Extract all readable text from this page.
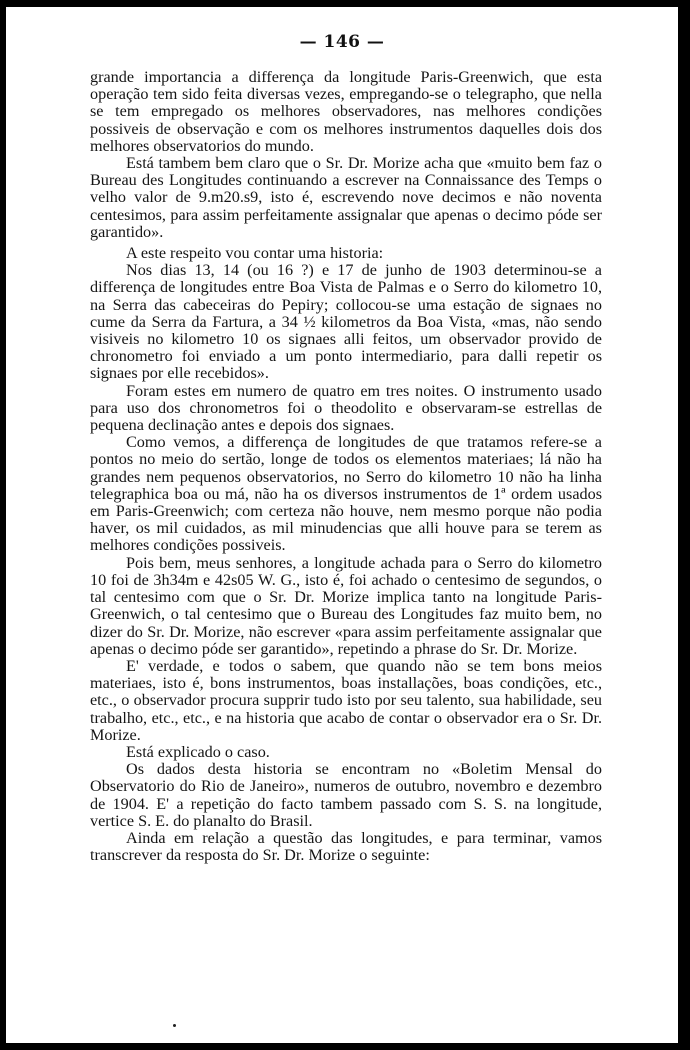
— 146 —

grande importancia a differença da longitude Paris-Greenwich, que esta operação tem sido feita diversas vezes, empregando-se o telegrapho, que nella se tem empregado os melhores observadores, nas melhores condições possiveis de observação e com os melhores instrumentos daquelles dois dos melhores observatorios do mundo.

Está tambem bem claro que o Sr. Dr. Morize acha que «muito bem faz o Bureau des Longitudes continuando a escrever na Connaissance des Temps o velho valor de 9.m20.s9, isto é, escrevendo nove decimos e não noventa centesimos, para assim perfeitamente assignalar que apenas o decimo póde ser garantido».

A este respeito vou contar uma historia:

Nos dias 13, 14 (ou 16 ?) e 17 de junho de 1903 determinou-se a differença de longitudes entre Boa Vista de Palmas e o Serro do kilometro 10, na Serra das cabeceiras do Pepiry; collocou-se uma estação de signaes no cume da Serra da Fartura, a 34 ½ kilometros da Boa Vista, «mas, não sendo visiveis no kilometro 10 os signaes alli feitos, um observador provido de chronometro foi enviado a um ponto intermediario, para dalli repetir os signaes por elle recebidos».

Foram estes em numero de quatro em tres noites. O instrumento usado para uso dos chronometros foi o theodolito e observaram-se estrellas de pequena declinação antes e depois dos signaes.

Como vemos, a differença de longitudes de que tratamos refere-se a pontos no meio do sertão, longe de todos os elementos materiaes; lá não ha grandes nem pequenos observatorios, no Serro do kilometro 10 não ha linha telegraphica boa ou má, não ha os diversos instrumentos de 1ª ordem usados em Paris-Greenwich; com certeza não houve, nem mesmo porque não podia haver, os mil cuidados, as mil minudencias que alli houve para se terem as melhores condições possiveis.

Pois bem, meus senhores, a longitude achada para o Serro do kilometro 10 foi de 3h34m e 42s05 W. G., isto é, foi achado o centesimo de segundos, o tal centesimo com que o Sr. Dr. Morize implica tanto na longitude Paris-Greenwich, o tal centesimo que o Bureau des Longitudes faz muito bem, no dizer do Sr. Dr. Morize, não escrever «para assim perfeitamente assignalar que apenas o decimo póde ser garantido», repetindo a phrase do Sr. Dr. Morize.

E' verdade, e todos o sabem, que quando não se tem bons meios materiaes, isto é, bons instrumentos, boas installações, boas condições, etc., etc., o observador procura supprir tudo isto por seu talento, sua habilidade, seu trabalho, etc., etc., e na historia que acabo de contar o observador era o Sr. Dr. Morize.

Está explicado o caso.

Os dados desta historia se encontram no «Boletim Mensal do Observatorio do Rio de Janeiro», numeros de outubro, novembro e dezembro de 1904. E' a repetição do facto tambem passado com S. S. na longitude, vertice S. E. do planalto do Brasil.

Ainda em relação a questão das longitudes, e para terminar, vamos transcrever da resposta do Sr. Dr. Morize o seguinte:
